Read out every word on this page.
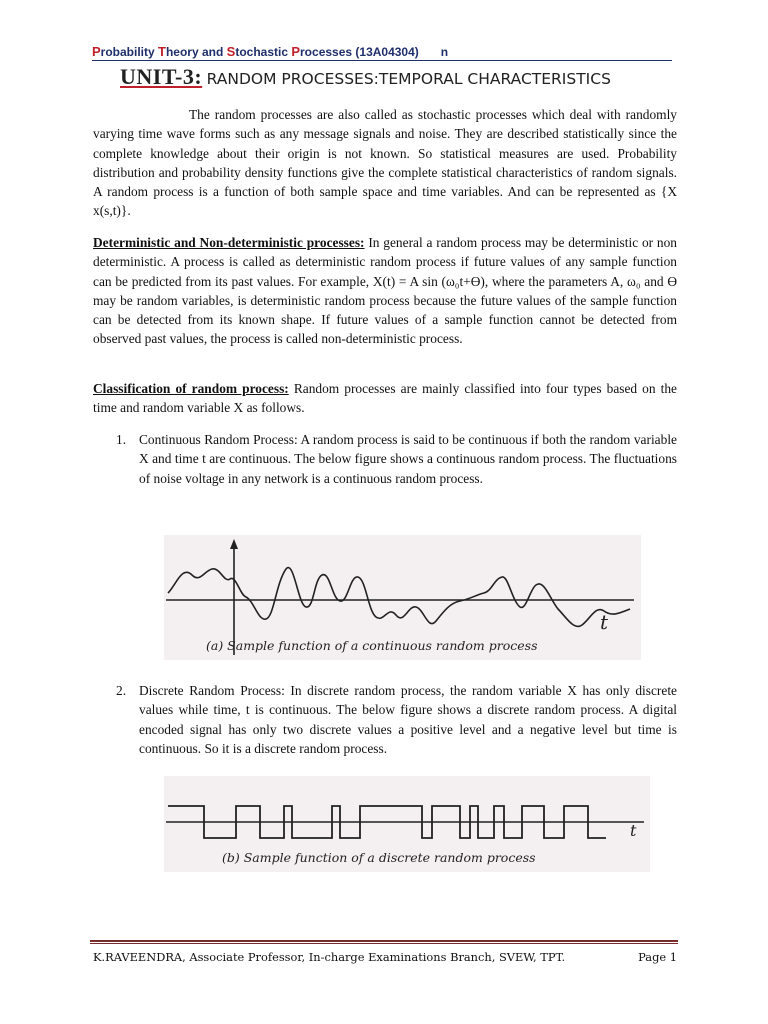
Probability Theory and Stochastic Processes (13A04304) n
UNIT-3: RANDOM PROCESSES:TEMPORAL CHARACTERISTICS

The random processes are also called as stochastic processes which deal with randomly varying time wave forms such as any message signals and noise. They are described statistically since the complete knowledge about their origin is not known. So statistical measures are used. Probability distribution and probability density functions give the complete statistical characteristics of random signals. A random process is a function of both sample space and time variables. And can be represented as {X x(s,t)}.

Deterministic and Non-deterministic processes: In general a random process may be deterministic or non deterministic. A process is called as deterministic random process if future values of any sample function can be predicted from its past values. For example, X(t) = A sin (ω₀t+ϴ), where the parameters A, ω₀ and ϴ may be random variables, is deterministic random process because the future values of the sample function can be detected from its known shape. If future values of a sample function cannot be detected from observed past values, the process is called non-deterministic process.

Classification of random process: Random processes are mainly classified into four types based on the time and random variable X as follows.

1. Continuous Random Process: A random process is said to be continuous if both the random variable X and time t are continuous. The below figure shows a continuous random process. The fluctuations of noise voltage in any network is a continuous random process.
t
(a) Sample function of a continuous random process
2. Discrete Random Process: In discrete random process, the random variable X has only discrete values while time, t is continuous. The below figure shows a discrete random process. A digital encoded signal has only two discrete values a positive level and a negative level but time is continuous. So it is a discrete random process.
t
(b) Sample function of a discrete random process
K.RAVEENDRA, Associate Professor, In-charge Examinations Branch, SVEW, TPT.	Page 1
